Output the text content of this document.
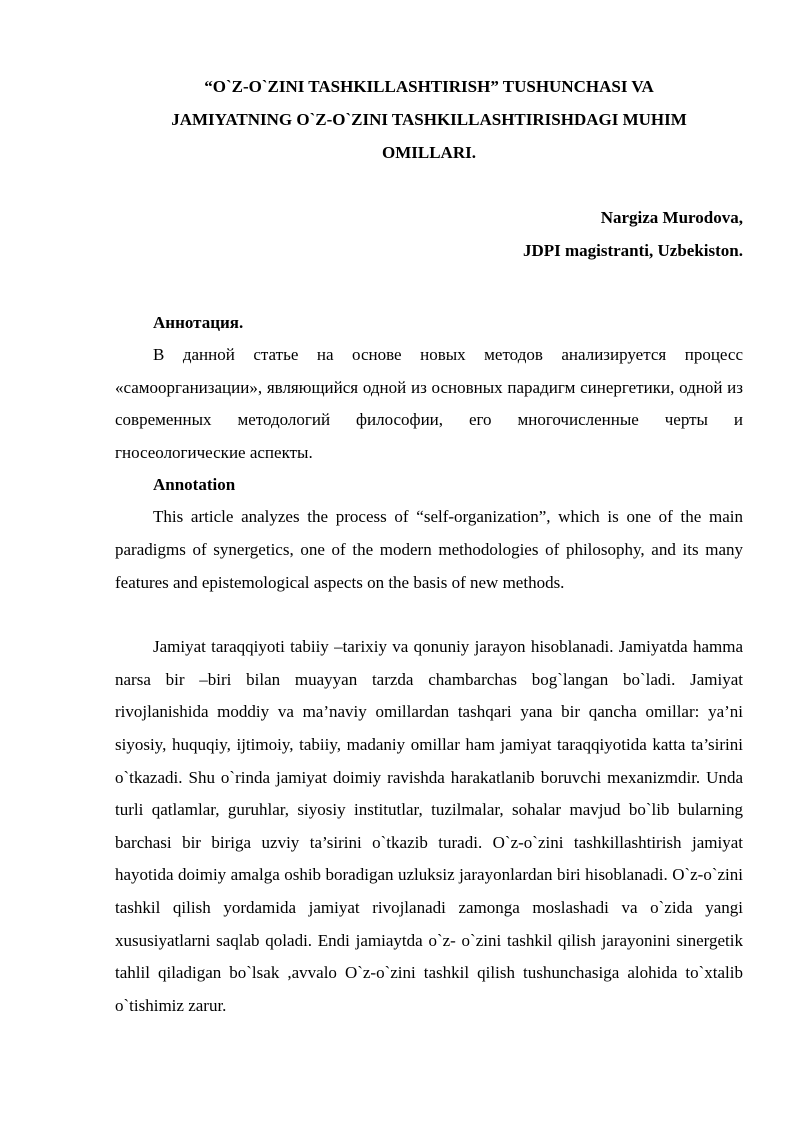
“O`Z-O`ZINI TASHKILLASHTIRISH” TUSHUNCHASI VA
JAMIYATNING O`Z-O`ZINI TASHKILLASHTIRISHDAGI MUHIM
OMILLARI.
Nargiza Murodova,
JDPI magistranti, Uzbekiston.

Аннотация.

В данной статье на основе новых методов анализируется процесс «самоорганизации», являющийся одной из основных парадигм синергетики, одной из современных методологий философии, его многочисленные черты и гносеологические аспекты.

Annotation

This article analyzes the process of “self-organization”, which is one of the main paradigms of synergetics, one of the modern methodologies of philosophy, and its many features and epistemological aspects on the basis of new methods.

Jamiyat taraqqiyoti tabiiy –tarixiy va qonuniy jarayon hisoblanadi. Jamiyatda hamma narsa bir –biri bilan muayyan tarzda chambarchas bog`langan bo`ladi. Jamiyat rivojlanishida moddiy va ma’naviy omillardan tashqari yana bir qancha omillar: ya’ni siyosiy, huquqiy, ijtimoiy, tabiiy, madaniy omillar ham jamiyat taraqqiyotida katta ta’sirini o`tkazadi. Shu o`rinda jamiyat doimiy ravishda harakatlanib boruvchi mexanizmdir. Unda turli qatlamlar, guruhlar, siyosiy institutlar, tuzilmalar, sohalar mavjud bo`lib bularning barchasi bir biriga uzviy ta’sirini o`tkazib turadi. O`z-o`zini tashkillashtirish jamiyat hayotida doimiy amalga oshib boradigan uzluksiz jarayonlardan biri hisoblanadi. O`z-o`zini tashkil qilish yordamida jamiyat rivojlanadi zamonga moslashadi va o`zida yangi xususiyatlarni saqlab qoladi. Endi jamiaytda o`z- o`zini tashkil qilish jarayonini sinergetik tahlil qiladigan bo`lsak ,avvalo O`z-o`zini tashkil qilish tushunchasiga alohida to`xtalib o`tishimiz zarur.
